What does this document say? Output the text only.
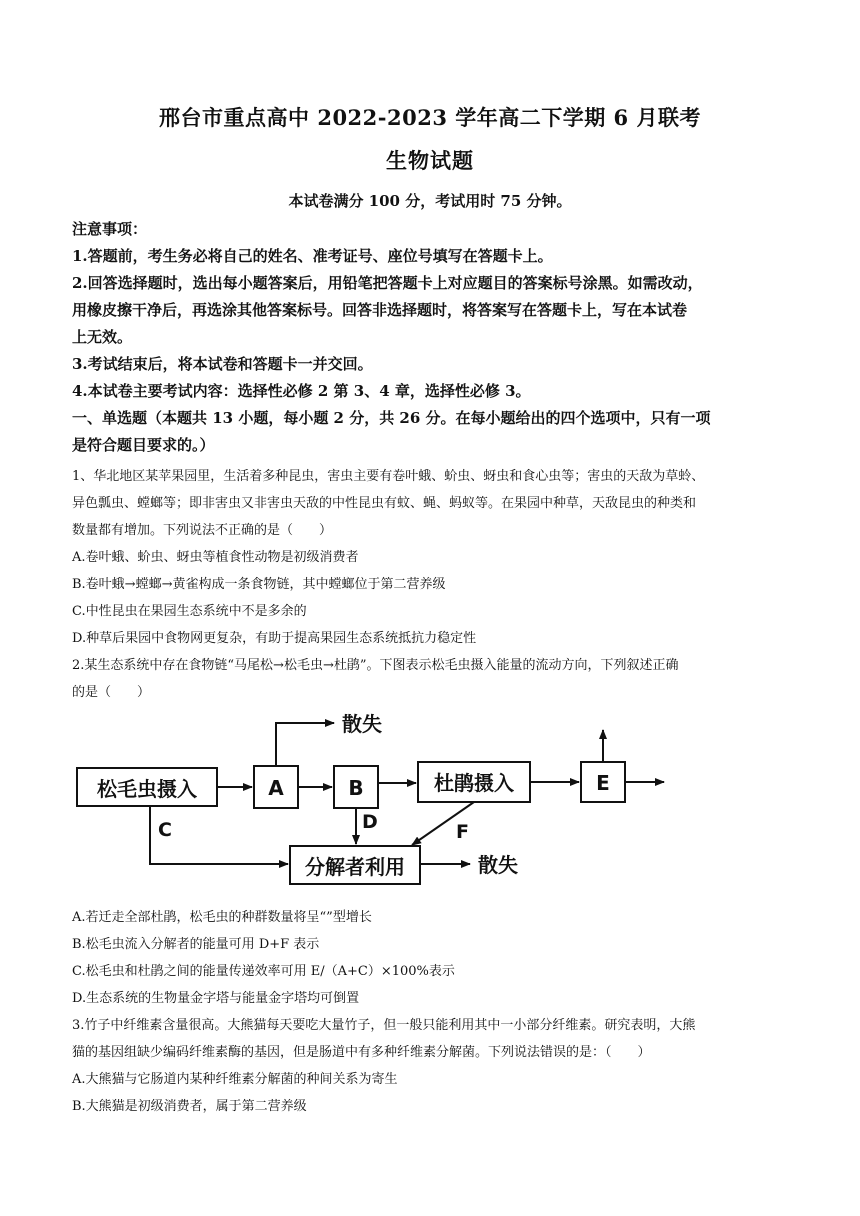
邢台市重点高中 2022-2023 学年高二下学期 6 月联考
生物试题
本试卷满分 100 分，考试用时 75 分钟。
注意事项：
1.答题前，考生务必将自己的姓名、准考证号、座位号填写在答题卡上。
2.回答选择题时，选出每小题答案后，用铅笔把答题卡上对应题目的答案标号涂黑。如需改动，
用橡皮擦干净后，再选涂其他答案标号。回答非选择题时，将答案写在答题卡上，写在本试卷
上无效。
3.考试结束后，将本试卷和答题卡一并交回。
4.本试卷主要考试内容：选择性必修 2 第 3、4 章，选择性必修 3。
一、单选题（本题共 13 小题，每小题 2 分，共 26 分。在每小题给出的四个选项中，只有一项
是符合题目要求的。）
1、华北地区某苹果园里，生活着多种昆虫，害虫主要有卷叶蛾、蚧虫、蚜虫和食心虫等；害虫的天敌为草蛉、
异色瓢虫、螳螂等；即非害虫又非害虫天敌的中性昆虫有蚊、蝇、蚂蚁等。在果园中种草，天敌昆虫的种类和
数量都有增加。下列说法不正确的是（　　）
A.卷叶蛾、蚧虫、蚜虫等植食性动物是初级消费者
B.卷叶蛾→螳螂→黄雀构成一条食物链，其中螳螂位于第二营养级
C.中性昆虫在果园生态系统中不是多余的
D.种草后果园中食物网更复杂，有助于提高果园生态系统抵抗力稳定性
2.某生态系统中存在食物链“马尾松→松毛虫→杜鹃”。下图表示松毛虫摄入能量的流动方向，下列叙述正确
的是（　　）
松毛虫摄入	A	B	杜鹃摄入	E
分解者利用
散失
散失
C	D	F
A.若迁走全部杜鹃，松毛虫的种群数量将呈“”型增长
B.松毛虫流入分解者的能量可用 D+F 表示
C.松毛虫和杜鹃之间的能量传递效率可用 E/（A+C）×100%表示
D.生态系统的生物量金字塔与能量金字塔均可倒置
3.竹子中纤维素含量很高。大熊猫每天要吃大量竹子，但一般只能利用其中一小部分纤维素。研究表明，大熊
猫的基因组缺少编码纤维素酶的基因，但是肠道中有多种纤维素分解菌。下列说法错误的是：（　　）
A.大熊猫与它肠道内某种纤维素分解菌的种间关系为寄生
B.大熊猫是初级消费者，属于第二营养级
